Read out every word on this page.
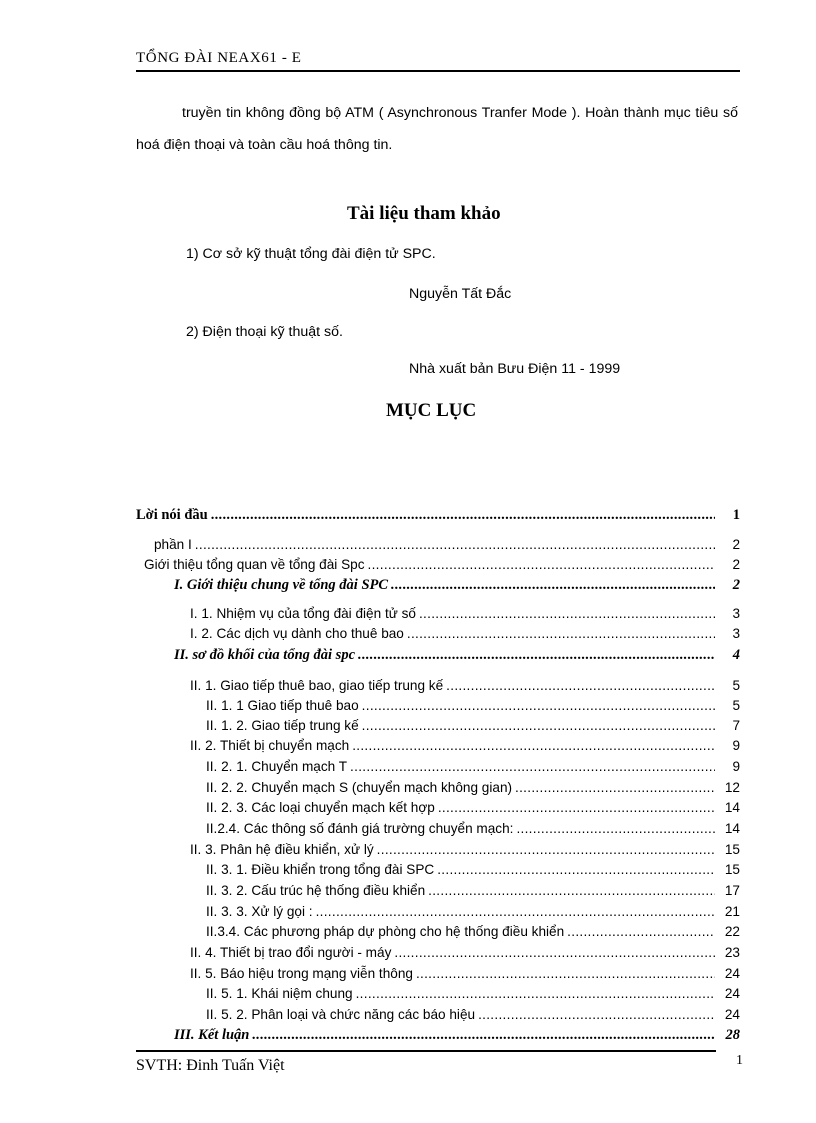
TỔNG ĐÀI NEAX61 - E
truyền tin không đồng bộ ATM ( Asynchronous Tranfer Mode ). Hoàn thành mục tiêu số hoá điện thoại và toàn cầu hoá thông tin.
Tài liệu tham khảo
1) Cơ sở kỹ thuật tổng đài điện tử SPC.
Nguyễn Tất Đắc
2) Điện thoại kỹ thuật số.
Nhà xuất bản Bưu Điện 11 - 1999
MỤC LỤC
Lời nói đầu .....	1
phần I .....	2
Giới thiệu tổng quan về tổng đài Spc .....	2
I. Giới thiệu chung về tổng đài SPC .....	2
I. 1. Nhiệm vụ của tổng đài điện tử số .....	3
I. 2. Các dịch vụ dành cho thuê bao .....	3
II. sơ đồ khối của tổng đài spc .....	4
II. 1. Giao tiếp thuê bao, giao tiếp trung kế .....	5
II. 1. 1 Giao tiếp thuê bao .....	5
II. 1. 2. Giao tiếp trung kế .....	7
II. 2. Thiết bị chuyển mạch .....	9
II. 2. 1. Chuyển mạch T .....	9
II. 2. 2. Chuyển mạch S (chuyển mạch không gian) .....	12
II. 2. 3. Các loại chuyển mạch kết hợp .....	14
II.2.4. Các thông số đánh giá trường chuyển mạch: .....	14
II. 3. Phân hệ điều khiển, xử lý .....	15
II. 3. 1. Điều khiển trong tổng đài SPC .....	15
II. 3. 2. Cấu trúc hệ thống điều khiển .....	17
II. 3. 3. Xử lý gọi : .....	21
II.3.4. Các phương pháp dự phòng cho hệ thống điều khiển .....	22
II. 4. Thiết bị trao đổi người - máy .....	23
II. 5. Báo hiệu trong mạng viễn thông .....	24
II. 5. 1. Khái niệm chung .....	24
II. 5. 2. Phân loại và chức năng các báo hiệu .....	24
III. Kết luận .....	28
SVTH: Đinh Tuấn Việt	1
